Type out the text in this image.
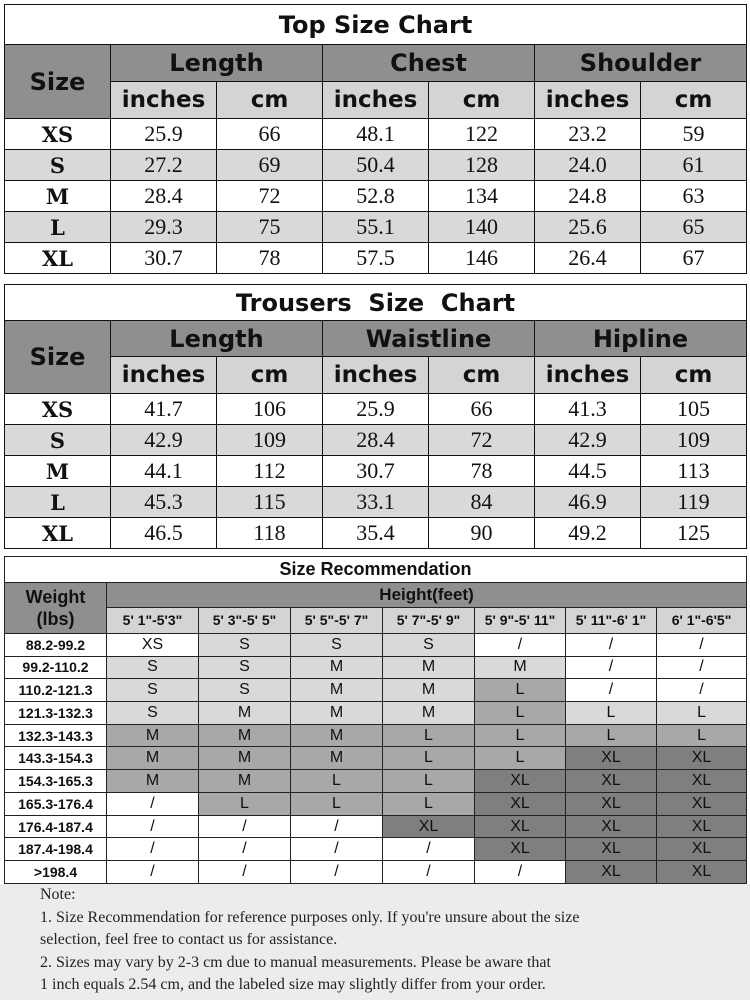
Top Size Chart						
Size	Length		Chest		Shoulder	
	inches	cm	inches	cm	inches	cm
XS	25.9	66	48.1	122	23.2	59
S	27.2	69	50.4	128	24.0	61
M	28.4	72	52.8	134	24.8	63
L	29.3	75	55.1	140	25.6	65
XL	30.7	78	57.5	146	26.4	67
Trousers  Size  Chart						
Size	Length		Waistline		Hipline	
	inches	cm	inches	cm	inches	cm
XS	41.7	106	25.9	66	41.3	105
S	42.9	109	28.4	72	42.9	109
M	44.1	112	30.7	78	44.5	113
L	45.3	115	33.1	84	46.9	119
XL	46.5	118	35.4	90	49.2	125
Size Recommendation							
Weight (lbs)	Height(feet)						
	5' 1"-5'3"	5' 3"-5' 5"	5' 5"-5' 7"	5' 7"-5' 9"	5' 9"-5' 11"	5' 11"-6' 1"	6' 1"-6'5"
88.2-99.2	XS	S	S	S	/	/	/
99.2-110.2	S	S	M	M	M	/	/
110.2-121.3	S	S	M	M	L	/	/
121.3-132.3	S	M	M	M	L	L	L
132.3-143.3	M	M	M	L	L	L	L
143.3-154.3	M	M	M	L	L	XL	XL
154.3-165.3	M	M	L	L	XL	XL	XL
165.3-176.4	/	L	L	L	XL	XL	XL
176.4-187.4	/	/	/	XL	XL	XL	XL
187.4-198.4	/	/	/	/	XL	XL	XL
>198.4	/	/	/	/	/	XL	XL
Note:
1. Size Recommendation for reference purposes only. If you're unsure about the size
selection, feel free to contact us for assistance.
2. Sizes may vary by 2-3 cm due to manual measurements. Please be aware that
1 inch equals 2.54 cm, and the labeled size may slightly differ from your order.
